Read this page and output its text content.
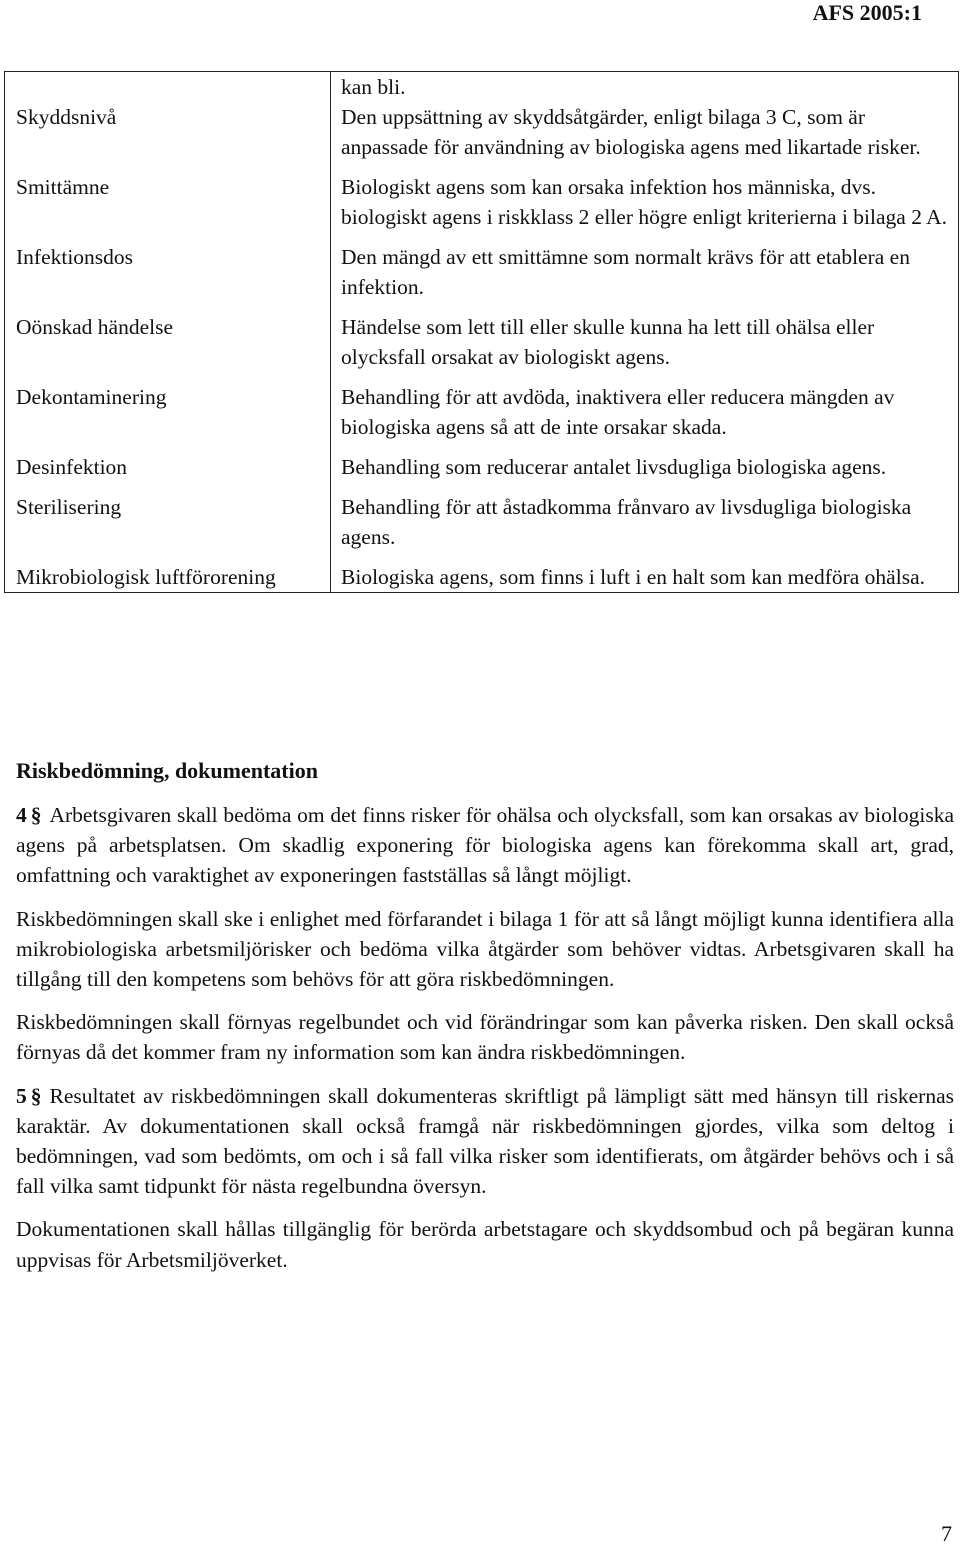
AFS 2005:1
	kan bli.
Skyddsnivå	Den uppsättning av skyddsåtgärder, enligt bilaga 3 C, som är anpassade för användning av biologiska agens med likartade risker.
Smittämne	Biologiskt agens som kan orsaka infektion hos människa, dvs. biologiskt agens i riskklass 2 eller högre enligt kriterierna i bilaga 2 A.
Infektionsdos	Den mängd av ett smittämne som normalt krävs för att etablera en infektion.
Oönskad händelse	Händelse som lett till eller skulle kunna ha lett till ohälsa eller olycksfall orsakat av biologiskt agens.
Dekontaminering	Behandling för att avdöda, inaktivera eller reducera mängden av biologiska agens så att de inte orsakar skada.
Desinfektion	Behandling som reducerar antalet livsdugliga biologiska agens.
Sterilisering	Behandling för att åstadkomma frånvaro av livsdugliga biologiska agens.
Mikrobiologisk luftförorening	Biologiska agens, som finns i luft i en halt som kan medföra ohälsa.
Riskbedömning, dokumentation

4 § Arbetsgivaren skall bedöma om det finns risker för ohälsa och olycksfall, som kan orsakas av biologiska agens på arbetsplatsen. Om skadlig exponering för biologiska agens kan förekomma skall art, grad, omfattning och varaktighet av exponeringen fastställas så långt möjligt.

Riskbedömningen skall ske i enlighet med förfarandet i bilaga 1 för att så långt möjligt kunna identifiera alla mikrobiologiska arbetsmiljörisker och bedöma vilka åtgärder som behöver vidtas. Arbetsgivaren skall ha tillgång till den kompetens som behövs för att göra riskbedömningen.

Riskbedömningen skall förnyas regelbundet och vid förändringar som kan påverka risken. Den skall också förnyas då det kommer fram ny information som kan ändra riskbedömningen.

5 § Resultatet av riskbedömningen skall dokumenteras skriftligt på lämpligt sätt med hänsyn till riskernas karaktär. Av dokumentationen skall också framgå när riskbedömningen gjordes, vilka som deltog i bedömningen, vad som bedömts, om och i så fall vilka risker som identifierats, om åtgärder behövs och i så fall vilka samt tidpunkt för nästa regelbundna översyn.

Dokumentationen skall hållas tillgänglig för berörda arbetstagare och skyddsombud och på begäran kunna uppvisas för Arbetsmiljöverket.

7
